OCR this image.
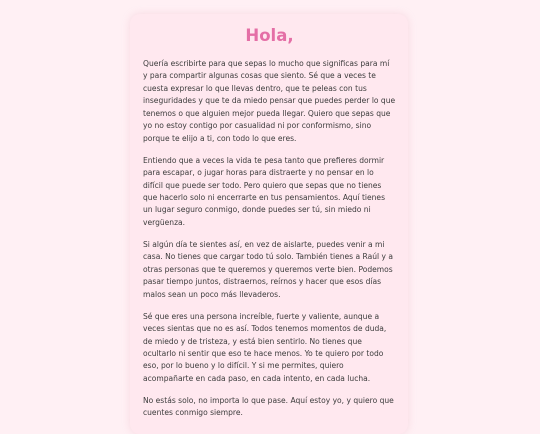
Hola,

Quería escribirte para que sepas lo mucho que significas para mí y para compartir algunas cosas que siento. Sé que a veces te cuesta expresar lo que llevas dentro, que te peleas con tus inseguridades y que te da miedo pensar que puedes perder lo que tenemos o que alguien mejor pueda llegar. Quiero que sepas que yo no estoy contigo por casualidad ni por conformismo, sino porque te elijo a ti, con todo lo que eres.

Entiendo que a veces la vida te pesa tanto que prefieres dormir para escapar, o jugar horas para distraerte y no pensar en lo difícil que puede ser todo. Pero quiero que sepas que no tienes que hacerlo solo ni encerrarte en tus pensamientos. Aquí tienes un lugar seguro conmigo, donde puedes ser tú, sin miedo ni vergüenza.

Si algún día te sientes así, en vez de aislarte, puedes venir a mi casa. No tienes que cargar todo tú solo. También tienes a Raúl y a otras personas que te queremos y queremos verte bien. Podemos pasar tiempo juntos, distraernos, reírnos y hacer que esos días malos sean un poco más llevaderos.

Sé que eres una persona increíble, fuerte y valiente, aunque a veces sientas que no es así. Todos tenemos momentos de duda, de miedo y de tristeza, y está bien sentirlo. No tienes que ocultarlo ni sentir que eso te hace menos. Yo te quiero por todo eso, por lo bueno y lo difícil. Y si me permites, quiero acompañarte en cada paso, en cada intento, en cada lucha.

No estás solo, no importa lo que pase. Aquí estoy yo, y quiero que cuentes conmigo siempre.
